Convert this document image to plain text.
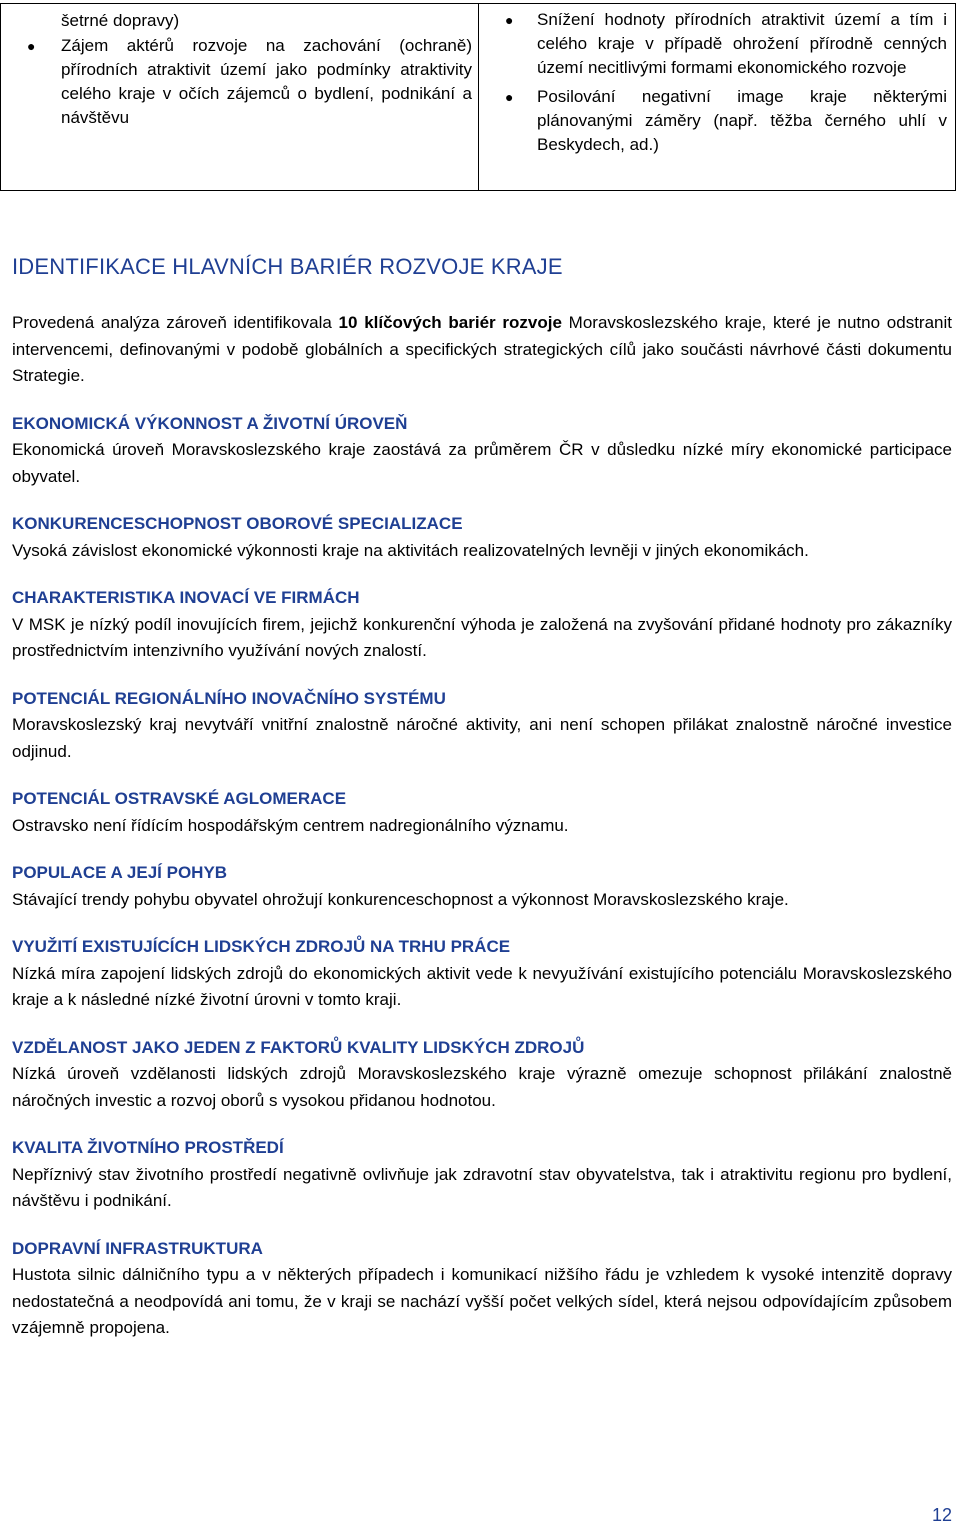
šetrné dopravy)
● Zájem aktérů rozvoje na zachování (ochraně) přírodních atraktivit území jako podmínky atraktivity celého kraje v očích zájemců o bydlení, podnikání a návštěvu
● Snížení hodnoty přírodních atraktivit území a tím i celého kraje v případě ohrožení přírodně cenných území necitlivými formami ekonomického rozvoje
● Posilování negativní image kraje některými plánovanými záměry (např. těžba černého uhlí v Beskydech, ad.)
IDENTIFIKACE HLAVNÍCH BARIÉR ROZVOJE KRAJE

Provedená analýza zároveň identifikovala 10 klíčových bariér rozvoje Moravskoslezského kraje, které je nutno odstranit intervencemi, definovanými v podobě globálních a specifických strategických cílů jako součásti návrhové části dokumentu Strategie.

EKONOMICKÁ VÝKONNOST A ŽIVOTNÍ ÚROVEŇ

Ekonomická úroveň Moravskoslezského kraje zaostává za průměrem ČR v důsledku nízké míry ekonomické participace obyvatel.

KONKURENCESCHOPNOST OBOROVÉ SPECIALIZACE

Vysoká závislost ekonomické výkonnosti kraje na aktivitách realizovatelných levněji v jiných ekonomikách.

CHARAKTERISTIKA INOVACÍ VE FIRMÁCH

V MSK je nízký podíl inovujících firem, jejichž konkurenční výhoda je založená na zvyšování přidané hodnoty pro zákazníky prostřednictvím intenzivního využívání nových znalostí.

POTENCIÁL REGIONÁLNÍHO INOVAČNÍHO SYSTÉMU

Moravskoslezský kraj nevytváří vnitřní znalostně náročné aktivity, ani není schopen přilákat znalostně náročné investice odjinud.

POTENCIÁL OSTRAVSKÉ AGLOMERACE

Ostravsko není řídícím hospodářským centrem nadregionálního významu.

POPULACE A JEJÍ POHYB

Stávající trendy pohybu obyvatel ohrožují konkurenceschopnost a výkonnost Moravskoslezského kraje.

VYUŽITÍ EXISTUJÍCÍCH LIDSKÝCH ZDROJŮ NA TRHU PRÁCE

Nízká míra zapojení lidských zdrojů do ekonomických aktivit vede k nevyužívání existujícího potenciálu Moravskoslezského kraje a k následné nízké životní úrovni v tomto kraji.

VZDĚLANOST JAKO JEDEN Z FAKTORŮ KVALITY LIDSKÝCH ZDROJŮ

Nízká úroveň vzdělanosti lidských zdrojů Moravskoslezského kraje výrazně omezuje schopnost přilákání znalostně náročných investic a rozvoj oborů s vysokou přidanou hodnotou.

KVALITA ŽIVOTNÍHO PROSTŘEDÍ

Nepříznivý stav životního prostředí negativně ovlivňuje jak zdravotní stav obyvatelstva, tak i atraktivitu regionu pro bydlení, návštěvu i podnikání.

DOPRAVNÍ INFRASTRUKTURA

Hustota silnic dálničního typu a v některých případech i komunikací nižšího řádu je vzhledem k vysoké intenzitě dopravy nedostatečná a neodpovídá ani tomu, že v kraji se nachází vyšší počet velkých sídel, která nejsou odpovídajícím způsobem vzájemně propojena.

12
